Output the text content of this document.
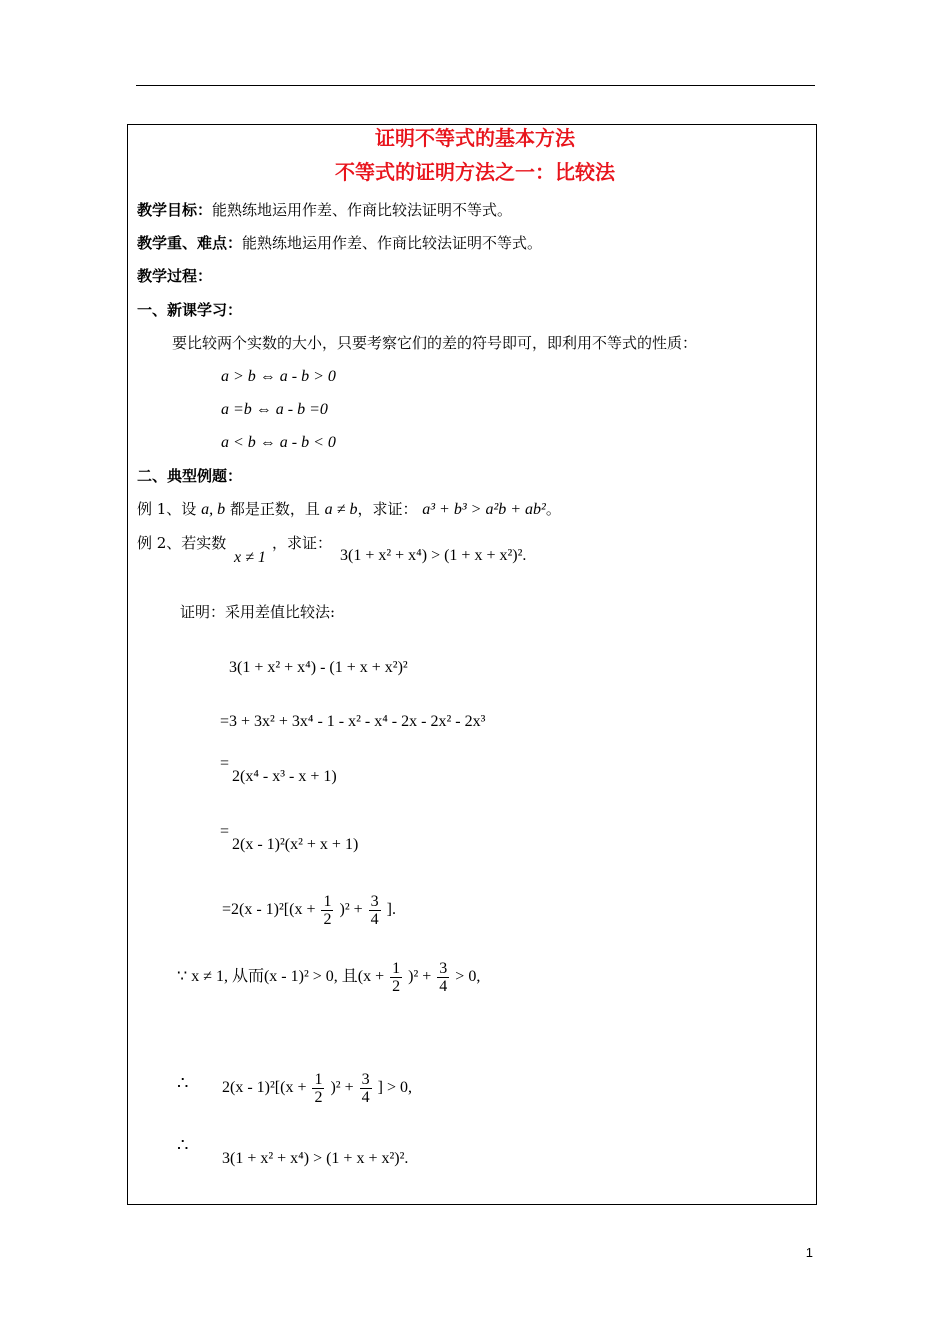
证明不等式的基本方法
不等式的证明方法之一：比较法
教学目标：能熟练地运用作差、作商比较法证明不等式。
教学重、难点：能熟练地运用作差、作商比较法证明不等式。
教学过程：
一、新课学习：
要比较两个实数的大小，只要考察它们的差的符号即可，即利用不等式的性质：
a > b ⇔ a - b > 0
a =b ⇔ a - b =0
a < b ⇔ a - b < 0
二、典型例题：
例 1、设 a, b 都是正数，且 a ≠ b，求证： a³ + b³ > a²b + ab²。
例 2、若实数
x ≠ 1
，求证：
3(1 + x² + x⁴) > (1 + x + x²)².
证明：采用差值比较法:
3(1 + x² + x⁴) - (1 + x + x²)²
=3 + 3x² + 3x⁴ - 1 - x² - x⁴ - 2x - 2x² - 2x³
=
2(x⁴ - x³ - x + 1)
=
2(x - 1)²(x² + x + 1)
$=2(x - 1)^2[(x + \frac{1}{2} )^2 + \frac{3}{4}$ ].
∵ x ≠ 1, 从而(x - 1)² > 0, 且$(x + \frac{1}{2} )^2 + \frac{3}{4} > 0$,
∴ $2(x - 1)^2[(x + \frac{1}{2} )^2 + \frac{3}{4}$ ] > 0,
∴
3(1 + x² + x⁴) > (1 + x + x²)².
1
